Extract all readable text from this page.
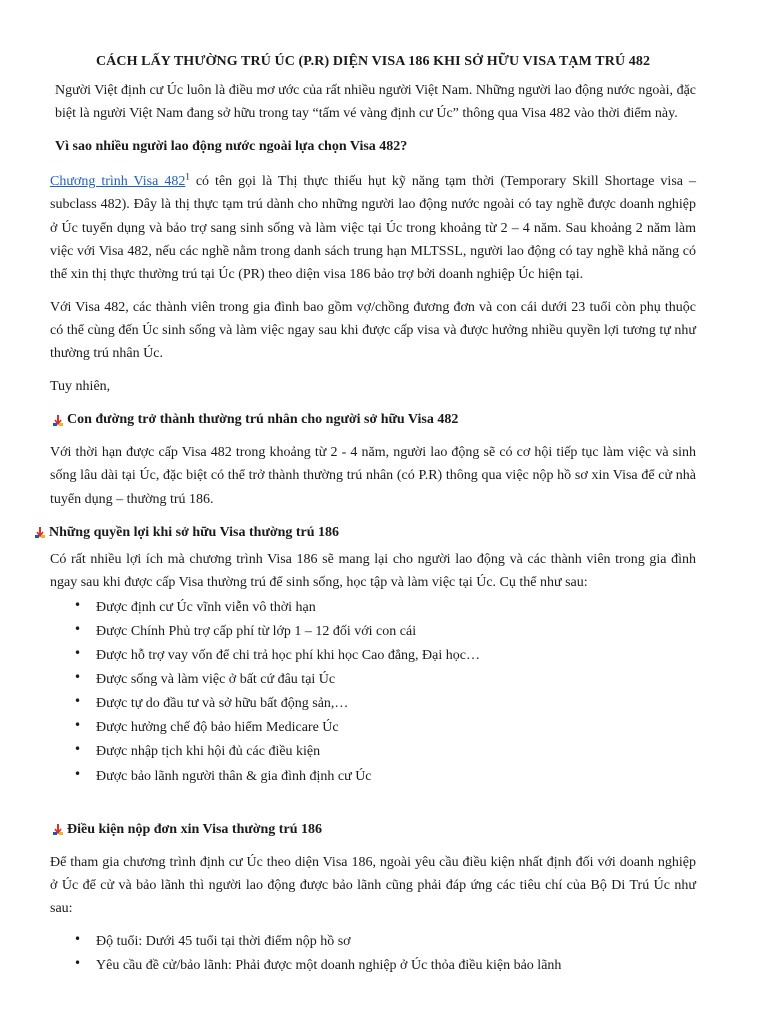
CÁCH LẤY THƯỜNG TRÚ ÚC (P.R) DIỆN VISA 186 KHI SỞ HỮU VISA TẠM TRÚ 482

Người Việt định cư Úc luôn là điều mơ ước của rất nhiều người Việt Nam. Những người lao động nước ngoài, đặc biệt là người Việt Nam đang sở hữu trong tay “tấm vé vàng định cư Úc” thông qua Visa 482 vào thời điểm này.

Vì sao nhiều người lao động nước ngoài lựa chọn Visa 482?

Chương trình Visa $482^1$ có tên gọi là Thị thực thiếu hụt kỹ năng tạm thời (Temporary Skill Shortage visa – subclass 482). Đây là thị thực tạm trú dành cho những người lao động nước ngoài có tay nghề được doanh nghiệp ở Úc tuyển dụng và bảo trợ sang sinh sống và làm việc tại Úc trong khoảng từ 2 – 4 năm. Sau khoảng 2 năm làm việc với Visa 482, nếu các nghề nằm trong danh sách trung hạn MLTSSL, người lao động có tay nghề khả năng có thể xin thị thực thường trú tại Úc (PR) theo diện visa 186 bảo trợ bởi doanh nghiệp Úc hiện tại.

Với Visa 482, các thành viên trong gia đình bao gồm vợ/chồng đương đơn và con cái dưới 23 tuổi còn phụ thuộc có thể cùng đến Úc sinh sống và làm việc ngay sau khi được cấp visa và được hưởng nhiều quyền lợi tương tự như thường trú nhân Úc.

Tuy nhiên,

Con đường trở thành thường trú nhân cho người sở hữu Visa 482

Với thời hạn được cấp Visa 482 trong khoảng từ 2 - 4 năm, người lao động sẽ có cơ hội tiếp tục làm việc và sinh sống lâu dài tại Úc, đặc biệt có thể trở thành thường trú nhân (có P.R) thông qua việc nộp hồ sơ xin Visa để cử nhà tuyển dụng – thường trú 186.

Những quyền lợi khi sở hữu Visa thường trú 186

Có rất nhiều lợi ích mà chương trình Visa 186 sẽ mang lại cho người lao động và các thành viên trong gia đình ngay sau khi được cấp Visa thường trú để sinh sống, học tập và làm việc tại Úc. Cụ thể như sau:

• Được định cư Úc vĩnh viễn vô thời hạn
• Được Chính Phủ trợ cấp phí từ lớp 1 – 12 đối với con cái
• Được hỗ trợ vay vốn để chi trả học phí khi học Cao đẳng, Đại học…
• Được sống và làm việc ở bất cứ đâu tại Úc
• Được tự do đầu tư và sở hữu bất động sản,…
• Được hưởng chế độ bảo hiểm Medicare Úc
• Được nhập tịch khi hội đủ các điều kiện
• Được bảo lãnh người thân & gia đình định cư Úc
Điều kiện nộp đơn xin Visa thường trú 186

Để tham gia chương trình định cư Úc theo diện Visa 186, ngoài yêu cầu điều kiện nhất định đối với doanh nghiệp ở Úc để cử và bảo lãnh thì người lao động được bảo lãnh cũng phải đáp ứng các tiêu chí của Bộ Di Trú Úc như sau:

• Độ tuổi: Dưới 45 tuổi tại thời điểm nộp hồ sơ
• Yêu cầu đề cử/bảo lãnh: Phải được một doanh nghiệp ở Úc thỏa điều kiện bảo lãnh
